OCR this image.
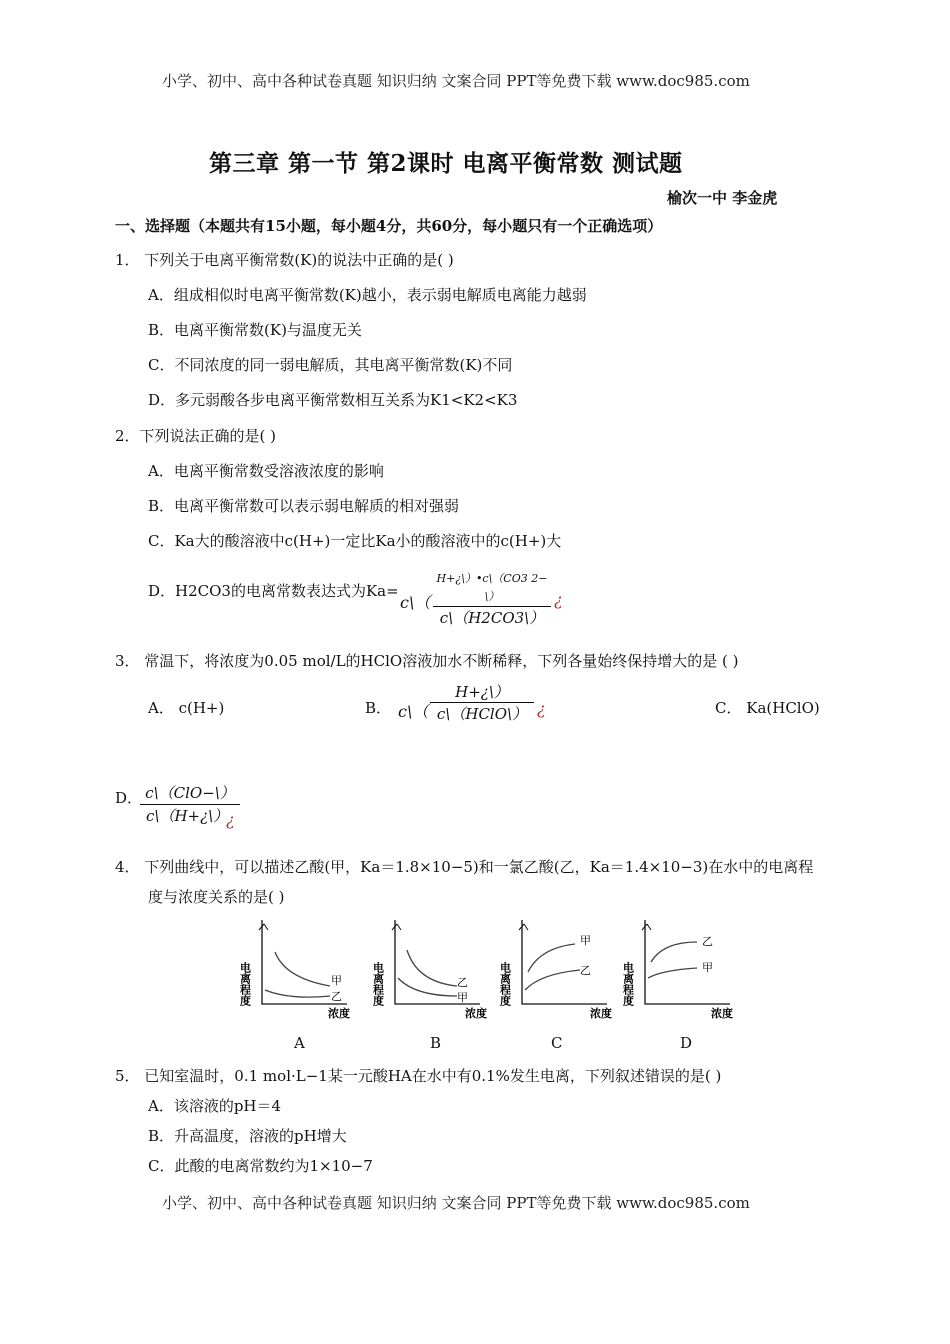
小学、初中、高中各种试卷真题 知识归纳 文案合同 PPT等免费下载 www.doc985.com
第三章 第一节 第2课时 电离平衡常数 测试题
榆次一中 李金虎
一、选择题（本题共有15小题，每小题4分，共60分，每小题只有一个正确选项）
1． 下列关于电离平衡常数(K)的说法中正确的是( )
A．组成相似时电离平衡常数(K)越小，表示弱电解质电离能力越弱
B．电离平衡常数(K)与温度无关
C．不同浓度的同一弱电解质，其电离平衡常数(K)不同
D．多元弱酸各步电离平衡常数相互关系为K1<K2<K3
2．下列说法正确的是( )
A．电离平衡常数受溶液浓度的影响
B．电离平衡常数可以表示弱电解质的相对强弱
C．Ka大的酸溶液中c(H+)一定比Ka小的酸溶液中的c(H+)大
D．H2CO3的电离常数表达式为Ka=
c\（
H+¿\）•c\（CO3 2−\）
c\（H2CO3\）
¿
3． 常温下，将浓度为0.05 mol/L的HClO溶液加水不断稀释，下列各量始终保持增大的是 ( )
A． c(H+)	B． c\（
H+¿\）
c\（HClO\） ¿	C． Ka(HClO)
D． c\（ClO−\）
c\（H+¿\）
¿
4． 下列曲线中，可以描述乙酸(甲，Ka＝1.8×10−5)和一氯乙酸(乙，Ka＝1.4×10−3)在水中的电离程
度与浓度关系的是( )
电离程度	甲
乙
浓度
电离程度	乙
甲
浓度
电离程度
甲
乙
浓度
电离程度
乙
甲
浓度
A	B	C	D
5． 已知室温时，0.1 mol·L−1某一元酸HA在水中有0.1%发生电离，下列叙述错误的是( )
A．该溶液的pH＝4
B．升高温度，溶液的pH增大
C．此酸的电离常数约为1×10−7
小学、初中、高中各种试卷真题 知识归纳 文案合同 PPT等免费下载 www.doc985.com
